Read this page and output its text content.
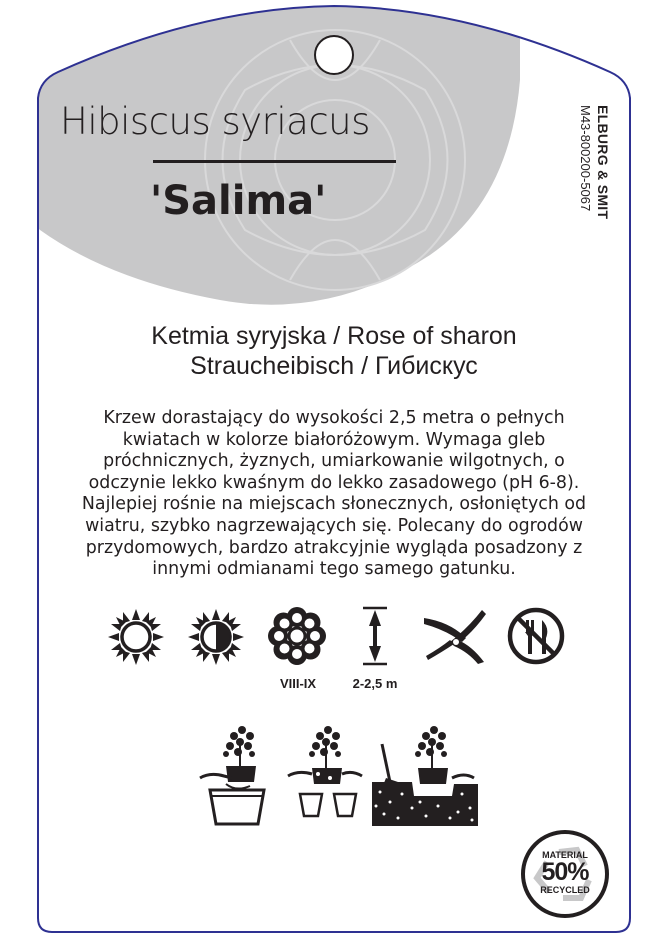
Hibiscus syriacus
'Salima'	ELBURG & SMIT
M43-800200-5067
Ketmia syryjska / Rose of sharon
Straucheibisch / Гибискус
Krzew dorastający do wysokości 2,5 metra o pełnych kwiatach w kolorze białoróżowym. Wymaga gleb próchnicznych, żyznych, umiarkowanie wilgotnych, o odczynie lekko kwaśnym do lekko zasadowego (pH 6-8). Najlepiej rośnie na miejscach słonecznych, osłoniętych od wiatru, szybko nagrzewających się. Polecany do ogrodów przydomowych, bardzo atrakcyjnie wygląda posadzony z innymi odmianami tego samego gatunku.
VIII-IX	2-2,5 m
MATERIAL
50%
RECYCLED
